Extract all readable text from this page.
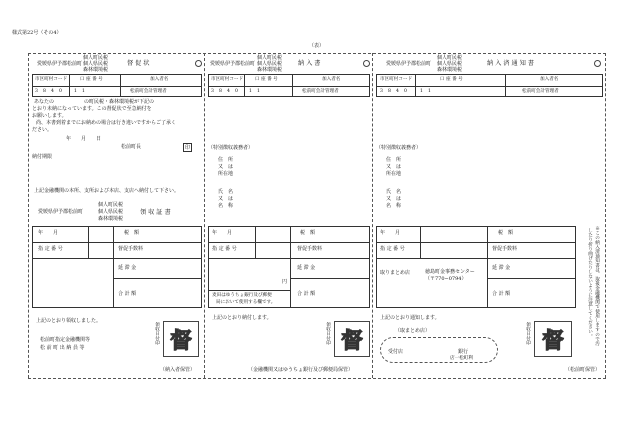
様式第22号（その4）
（表）
個人町民税
愛媛県伊予郡松前町 個人県民税
森林環境税
督 促 状
市区町村コード	口 座 番 号	加入者名
3 8 4 0	1 1	松前町会計管理者
あなたの　　　　　　の町民税・森林環境税が下記の
とおり未納になっています。この督促状で至急納付を
お願いします。
尚、本書到着までにお納めの場合は行き違いですからご了承く
ださい。
年　　月　　日
松前町長	印
納付期限
上記金融機関の本所、支所および本店、支店へ納付して下さい。
個人町民税
愛媛県伊予郡松前町	個人県民税
森林環境税
領 収 証 書
年　　月	税　額
指 定 番 号	督促手数料
延 滞 金
合 計 額
上記のとおり領収しました。
松前町指定金融機関等
松 前 町 出 納 員 等
領収日付印 督
（納入者保管）
個人町民税
愛媛県伊予郡松前町 個人県民税
森林環境税
納 入 書
市区町村コード	口 座 番 号	加入者名
3 8 4 0 1 1	松前町会計管理者
（特別徴収義務者）
住　所
又　は
所在地
氏　名
又　は
名　称
年　　月	税　額
指 定 番 号	督促手数料
延 滞 金
合 計 額
円
麦田はゆうちょ銀行及び郵便
局において使用する欄です。
上記のとおり納付します。
領収日付印 督
（金融機関又はゆうちょ銀行及び郵便局保管）
個人町民税
愛媛県伊予郡松前町 個人県民税
森林環境税
納 入 済 通 知 書
市区町村コード	口 座 番 号	加入者名
3 8 4 0	1 1	松前町会計管理者
（特別徴収義務者）
住　所
又　は
所在地
氏　名
又　は
名　称
年　　月	税　額
指 定 番 号	督促手数料
延 滞 金
合 計 額
取りまとめ店	徳島町金事務センター
（〒770−0794）	※この納入済通知書は、取扱金融機関で使用しますので汚
したり折り曲げたりしないように注意してください。
上記のとおり通知します。
（取まとめ店）
受付店	銀行
店一松町利
領収日付印 督
（松前町保管）
